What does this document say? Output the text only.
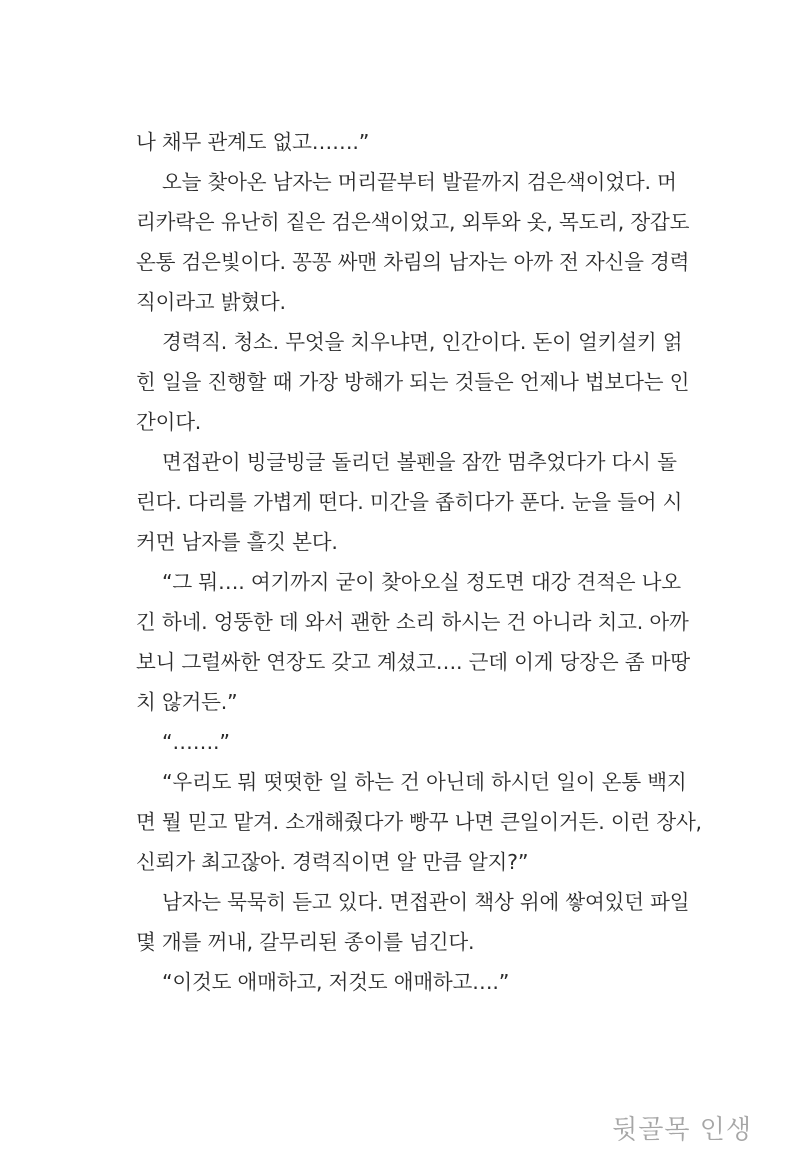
나 채무 관계도 없고…….”
오늘 찾아온 남자는 머리끝부터 발끝까지 검은색이었다. 머
리카락은 유난히 짙은 검은색이었고, 외투와 옷, 목도리, 장갑도
온통 검은빛이다. 꽁꽁 싸맨 차림의 남자는 아까 전 자신을 경력
직이라고 밝혔다.
경력직. 청소. 무엇을 치우냐면, 인간이다. 돈이 얼키설키 얽
힌 일을 진행할 때 가장 방해가 되는 것들은 언제나 법보다는 인
간이다.
면접관이 빙글빙글 돌리던 볼펜을 잠깐 멈추었다가 다시 돌
린다. 다리를 가볍게 떤다. 미간을 좁히다가 푼다. 눈을 들어 시
커먼 남자를 흘깃 본다.
“그 뭐…. 여기까지 굳이 찾아오실 정도면 대강 견적은 나오
긴 하네. 엉뚱한 데 와서 괜한 소리 하시는 건 아니라 치고. 아까
보니 그럴싸한 연장도 갖고 계셨고…. 근데 이게 당장은 좀 마땅
치 않거든.”
“…….”
“우리도 뭐 떳떳한 일 하는 건 아닌데 하시던 일이 온통 백지
면 뭘 믿고 맡겨. 소개해줬다가 빵꾸 나면 큰일이거든. 이런 장사,
신뢰가 최고잖아. 경력직이면 알 만큼 알지?”
남자는 묵묵히 듣고 있다. 면접관이 책상 위에 쌓여있던 파일
몇 개를 꺼내, 갈무리된 종이를 넘긴다.
“이것도 애매하고, 저것도 애매하고….”
뒷골목 인생
